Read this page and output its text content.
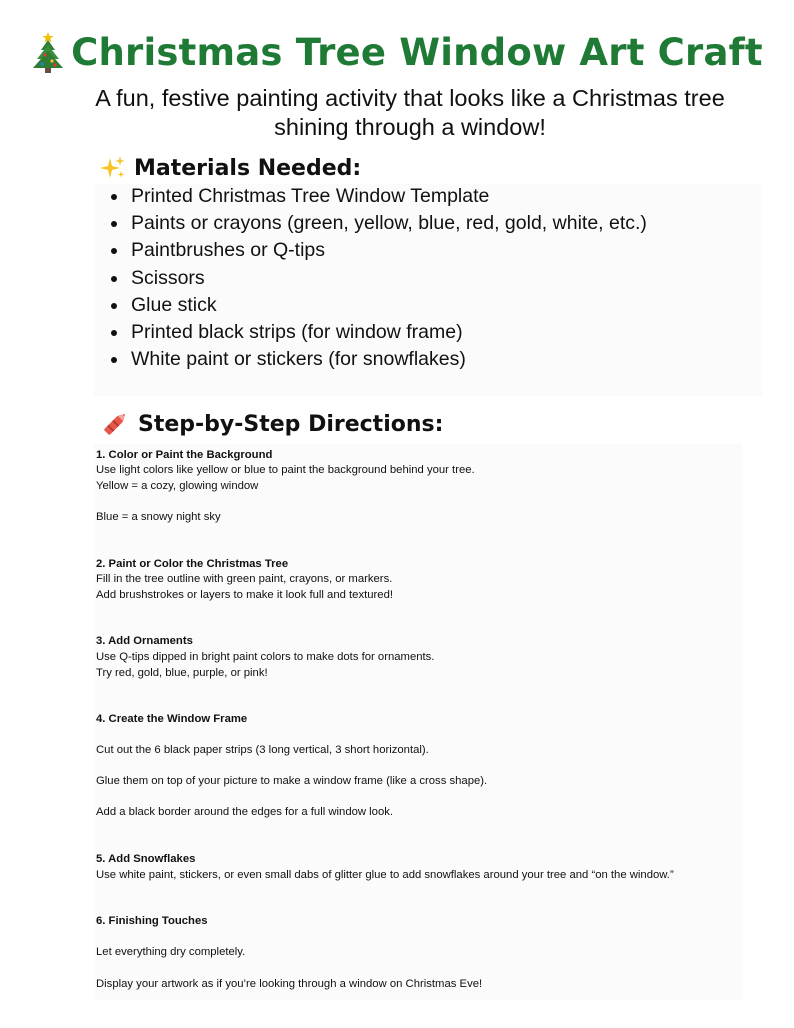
Christmas Tree Window Art Craft
A fun, festive painting activity that looks like a Christmas tree
shining through a window!
Materials Needed:
• Printed Christmas Tree Window Template
• Paints or crayons (green, yellow, blue, red, gold, white, etc.)
• Paintbrushes or Q-tips
• Scissors
• Glue stick
• Printed black strips (for window frame)
• White paint or stickers (for snowflakes)
Step-by-Step Directions:
1. Color or Paint the Background
Use light colors like yellow or blue to paint the background behind your tree.
Yellow = a cozy, glowing window
Blue = a snowy night sky
2. Paint or Color the Christmas Tree
Fill in the tree outline with green paint, crayons, or markers.
Add brushstrokes or layers to make it look full and textured!
3. Add Ornaments
Use Q-tips dipped in bright paint colors to make dots for ornaments.
Try red, gold, blue, purple, or pink!
4. Create the Window Frame
Cut out the 6 black paper strips (3 long vertical, 3 short horizontal).
Glue them on top of your picture to make a window frame (like a cross shape).
Add a black border around the edges for a full window look.
5. Add Snowflakes
Use white paint, stickers, or even small dabs of glitter glue to add snowflakes around your tree and “on the window.”
6. Finishing Touches
Let everything dry completely.
Display your artwork as if you’re looking through a window on Christmas Eve!
